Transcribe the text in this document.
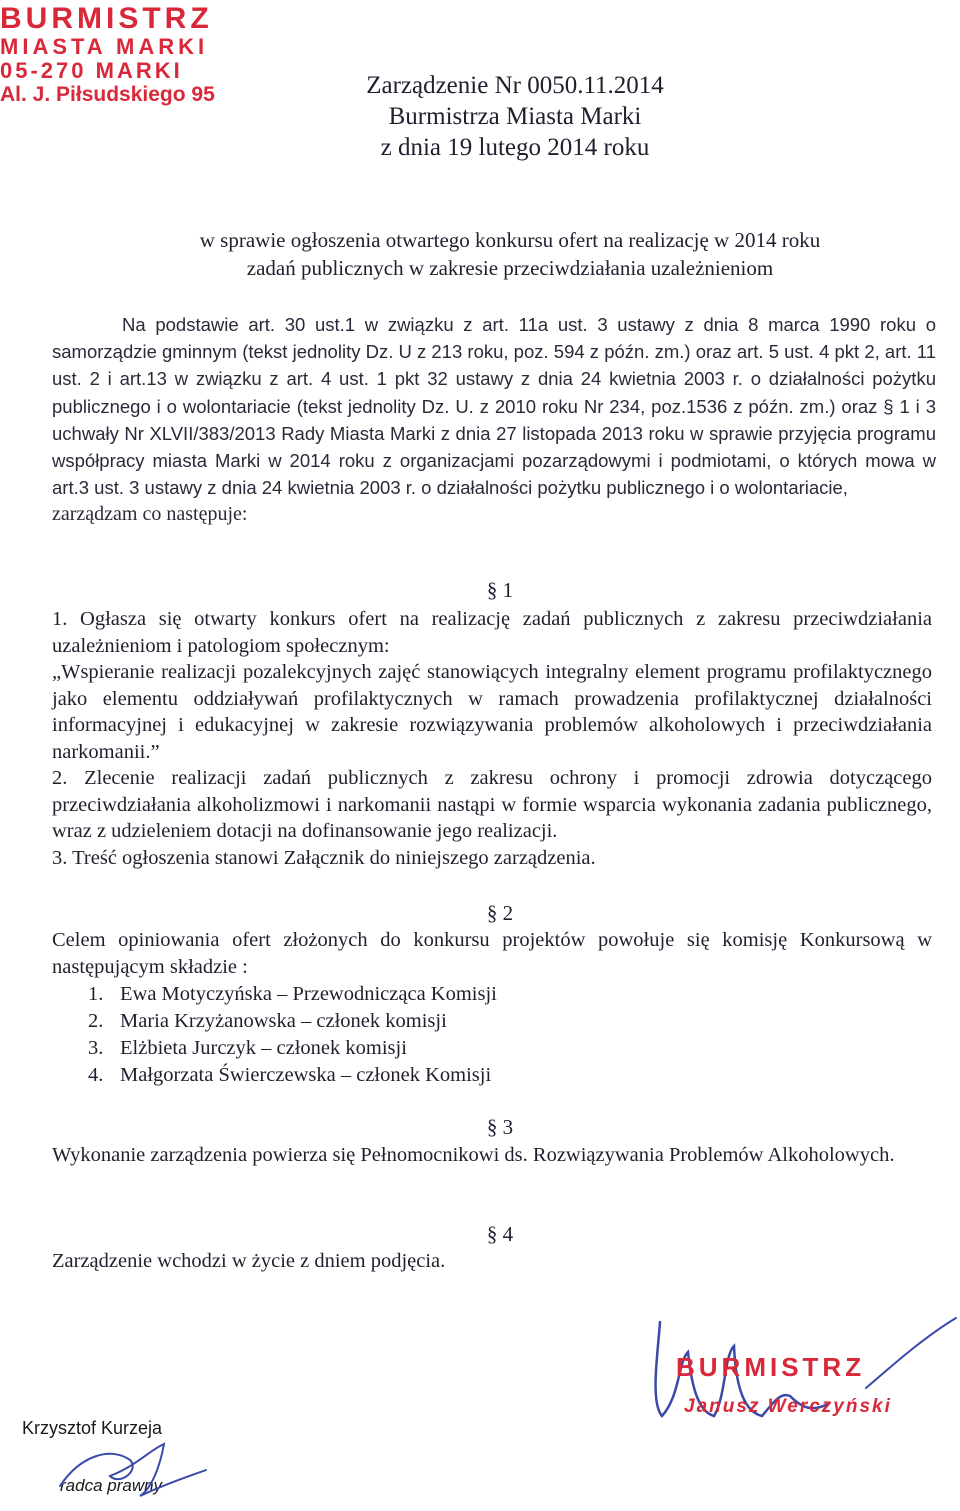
BURMISTRZ
MIASTA MARKI
05-270 MARKI
Al. J. Piłsudskiego 95	Zarządzenie Nr 0050.11.2014
Burmistrza Miasta Marki
z dnia 19 lutego 2014 roku
w sprawie ogłoszenia otwartego konkursu ofert na realizację w 2014 roku
zadań publicznych w zakresie przeciwdziałania uzależnieniom
Na podstawie art. 30 ust.1 w związku z art. 11a ust. 3 ustawy z dnia 8 marca 1990 roku o samorządzie gminnym (tekst jednolity Dz. U z 213 roku, poz. 594 z późn. zm.) oraz art. 5 ust. 4 pkt 2, art. 11 ust. 2 i art.13 w związku z art. 4 ust. 1 pkt 32 ustawy z dnia 24 kwietnia 2003 r. o działalności pożytku publicznego i o wolontariacie (tekst jednolity Dz. U. z 2010 roku Nr 234, poz.1536 z późn. zm.) oraz § 1 i 3 uchwały Nr XLVII/383/2013 Rady Miasta Marki z dnia 27 listopada 2013 roku w sprawie przyjęcia programu współpracy miasta Marki w 2014 roku z organizacjami pozarządowymi i podmiotami, o których mowa w art.3 ust. 3 ustawy z dnia 24 kwietnia 2003 r. o działalności pożytku publicznego i o wolontariacie,
zarządzam co następuje:
§ 1
1. Ogłasza się otwarty konkurs ofert na realizację zadań publicznych z zakresu przeciwdziałania uzależnieniom i patologiom społecznym:
„Wspieranie realizacji pozalekcyjnych zajęć stanowiących integralny element programu profilaktycznego jako elementu oddziaływań profilaktycznych w ramach prowadzenia profilaktycznej działalności informacyjnej i edukacyjnej w zakresie rozwiązywania problemów alkoholowych i przeciwdziałania narkomanii.”
2. Zlecenie realizacji zadań publicznych z zakresu ochrony i promocji zdrowia dotyczącego przeciwdziałania alkoholizmowi i narkomanii nastąpi w formie wsparcia wykonania zadania publicznego, wraz z udzieleniem dotacji na dofinansowanie jego realizacji.
3. Treść ogłoszenia stanowi Załącznik do niniejszego zarządzenia.
§ 2
Celem opiniowania ofert złożonych do konkursu projektów powołuje się komisję Konkursową w następującym składzie :
1. Ewa Motyczyńska – Przewodnicząca Komisji
2. Maria Krzyżanowska – członek komisji
3. Elżbieta Jurczyk – członek komisji
4. Małgorzata Świerczewska – członek Komisji
§ 3
Wykonanie zarządzenia powierza się Pełnomocnikowi ds. Rozwiązywania Problemów Alkoholowych.
§ 4
Zarządzenie wchodzi w życie z dniem podjęcia.
BURMISTRZ
Janusz Werczyński
Krzysztof Kurzeja
radca prawny
